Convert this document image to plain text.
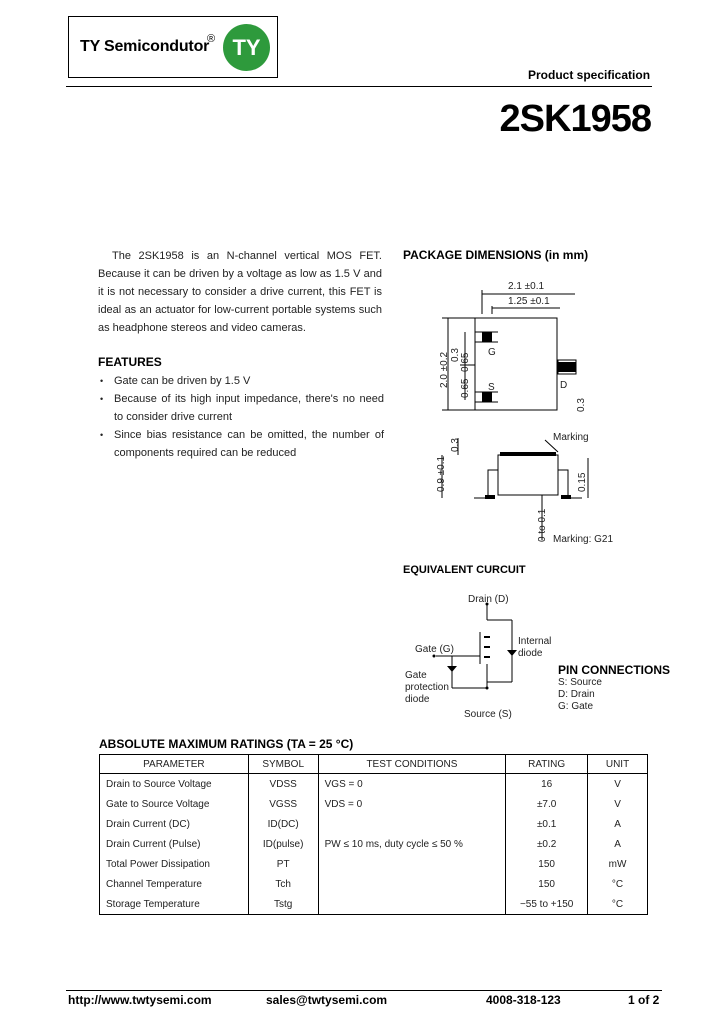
TY Semicondutor
® TY
Product specification
2SK1958

The 2SK1958 is an N-channel vertical MOS FET. Because it can be driven by a voltage as low as 1.5 V and it is not necessary to consider a drive current, this FET is ideal as an actuator for low-current portable systems such as headphone stereos and video cameras.

FEATURES
• Gate can be driven by 1.5 V
• Because of its high input impedance, there's no need to consider drive current
• Since bias resistance can be omitted, the number of components required can be reduced
PACKAGE DIMENSIONS (in mm)
2.1 ±0.1
1.25 ±0.1
G
S	D
2.0 ±0.2 0.3 0.65
0.65
0.3
0.9 ±0.1
0.3
0.15
0 to 0.1
Marking
Marking: G21
EQUIVALENT CURCUIT
Drain (D)
Gate (G)
Internal
diode
Gate
protection
diode
Source (S)
PIN CONNECTIONS
S: Source
D: Drain
G: Gate
ABSOLUTE MAXIMUM RATINGS (TA = 25 °C)
PARAMETER	SYMBOL	TEST CONDITIONS	RATING	UNIT
Drain to Source Voltage	VDSS	VGS = 0	16	V
Gate to Source Voltage	VGSS	VDS = 0	±7.0	V
Drain Current (DC)	ID(DC)		±0.1	A
Drain Current (Pulse)	ID(pulse)	PW ≤ 10 ms, duty cycle ≤ 50 %	±0.2	A
Total Power Dissipation	PT		150	mW
Channel Temperature	Tch		150	°C
Storage Temperature	Tstg		−55 to +150	°C
http://www.twtysemi.com	sales@twtysemi.com	4008-318-123	1 of 2
